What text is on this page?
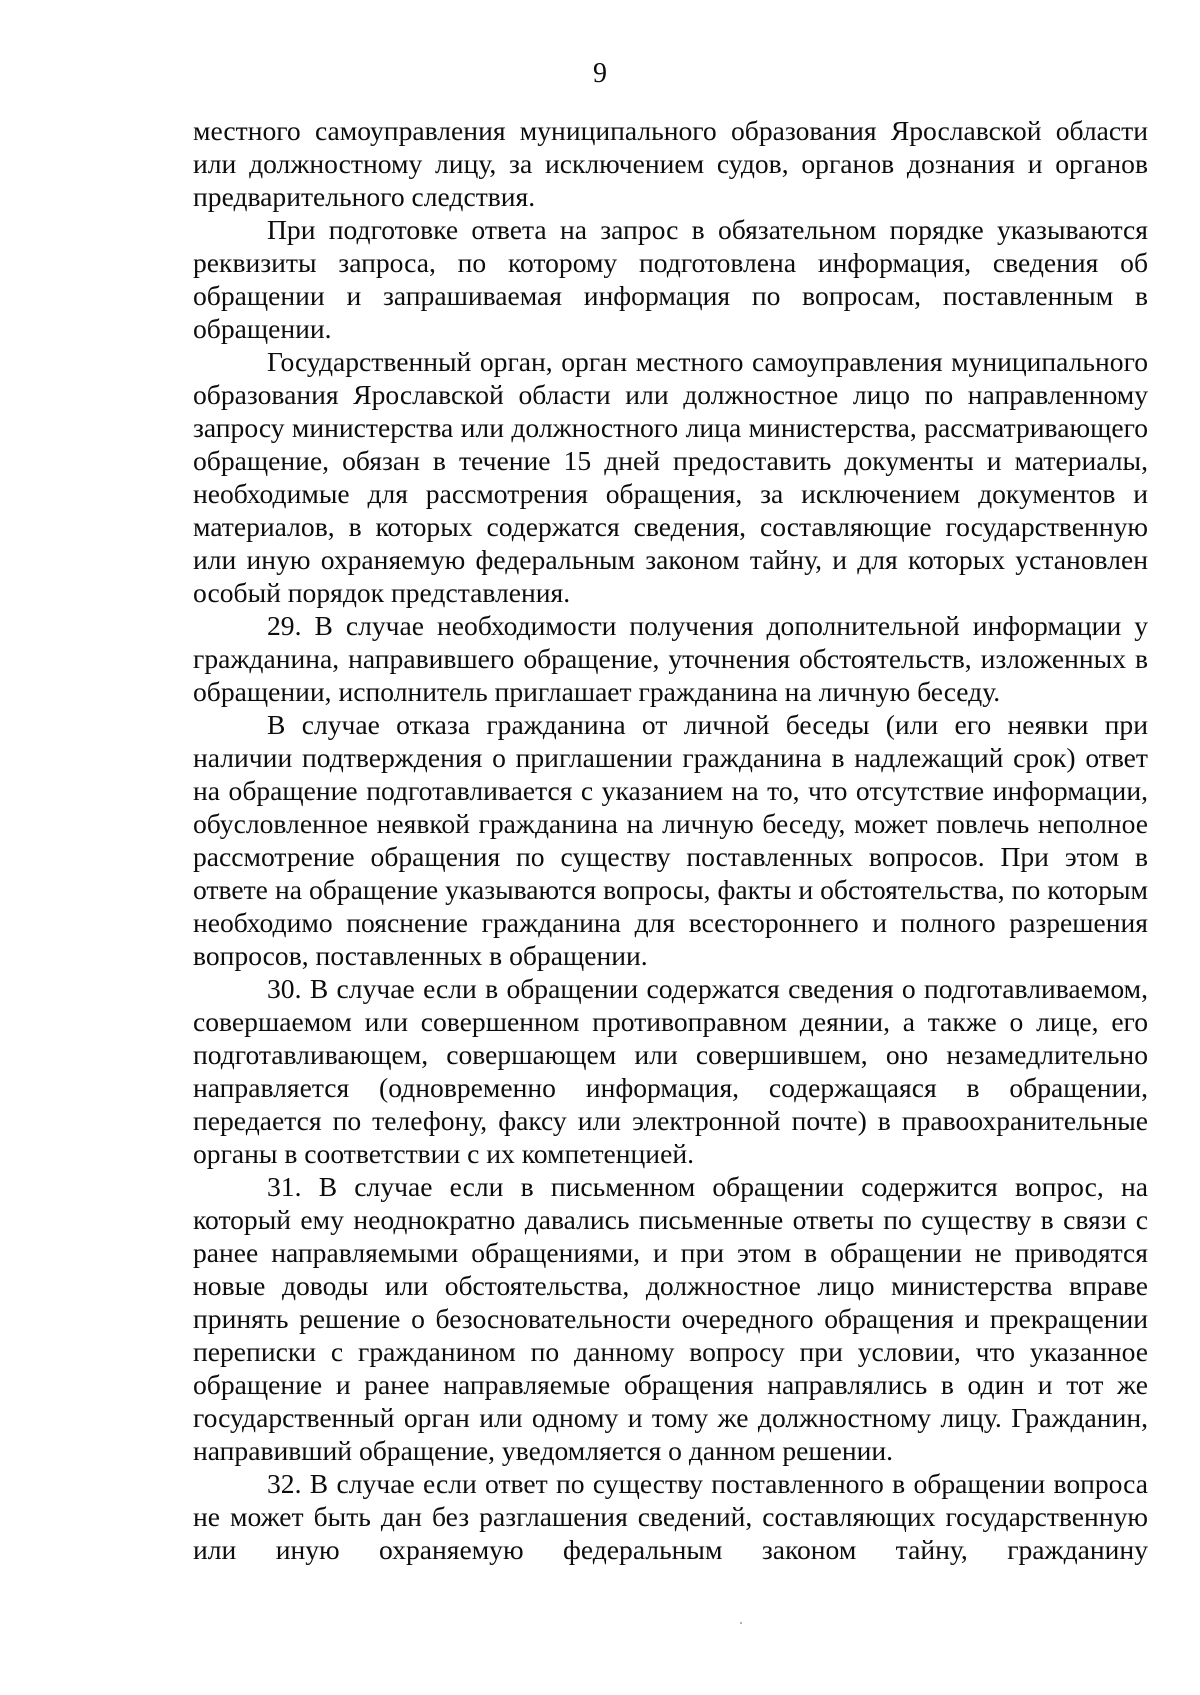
9

местного самоуправления муниципального образования Ярославской области или должностному лицу, за исключением судов, органов дознания и органов предварительного следствия.

При подготовке ответа на запрос в обязательном порядке указываются реквизиты запроса, по которому подготовлена информация, сведения об обращении и запрашиваемая информация по вопросам, поставленным в обращении.

Государственный орган, орган местного самоуправления муниципального образования Ярославской области или должностное лицо по направленному запросу министерства или должностного лица министерства, рассматривающего обращение, обязан в течение 15 дней предоставить документы и материалы, необходимые для рассмотрения обращения, за исключением документов и материалов, в которых содержатся сведения, составляющие государственную или иную охраняемую федеральным законом тайну, и для которых установлен особый порядок представления.

29. В случае необходимости получения дополнительной информации у гражданина, направившего обращение, уточнения обстоятельств, изложенных в обращении, исполнитель приглашает гражданина на личную беседу.

В случае отказа гражданина от личной беседы (или его неявки при наличии подтверждения о приглашении гражданина в надлежащий срок) ответ на обращение подготавливается с указанием на то, что отсутствие информации, обусловленное неявкой гражданина на личную беседу, может повлечь неполное рассмотрение обращения по существу поставленных вопросов. При этом в ответе на обращение указываются вопросы, факты и обстоятельства, по которым необходимо пояснение гражданина для всестороннего и полного разрешения вопросов, поставленных в обращении.

30. В случае если в обращении содержатся сведения о подготавливаемом, совершаемом или совершенном противоправном деянии, а также о лице, его подготавливающем, совершающем или совершившем, оно незамедлительно направляется (одновременно информация, содержащаяся в обращении, передается по телефону, факсу или электронной почте) в правоохранительные органы в соответствии с их компетенцией.

31. В случае если в письменном обращении содержится вопрос, на который ему неоднократно давались письменные ответы по существу в связи с ранее направляемыми обращениями, и при этом в обращении не приводятся новые доводы или обстоятельства, должностное лицо министерства вправе принять решение о безосновательности очередного обращения и прекращении переписки с гражданином по данному вопросу при условии, что указанное обращение и ранее направляемые обращения направлялись в один и тот же государственный орган или одному и тому же должностному лицу. Гражданин, направивший обращение, уведомляется о данном решении.

32. В случае если ответ по существу поставленного в обращении вопроса не может быть дан без разглашения сведений, составляющих государственную или иную охраняемую федеральным законом тайну, гражданину
